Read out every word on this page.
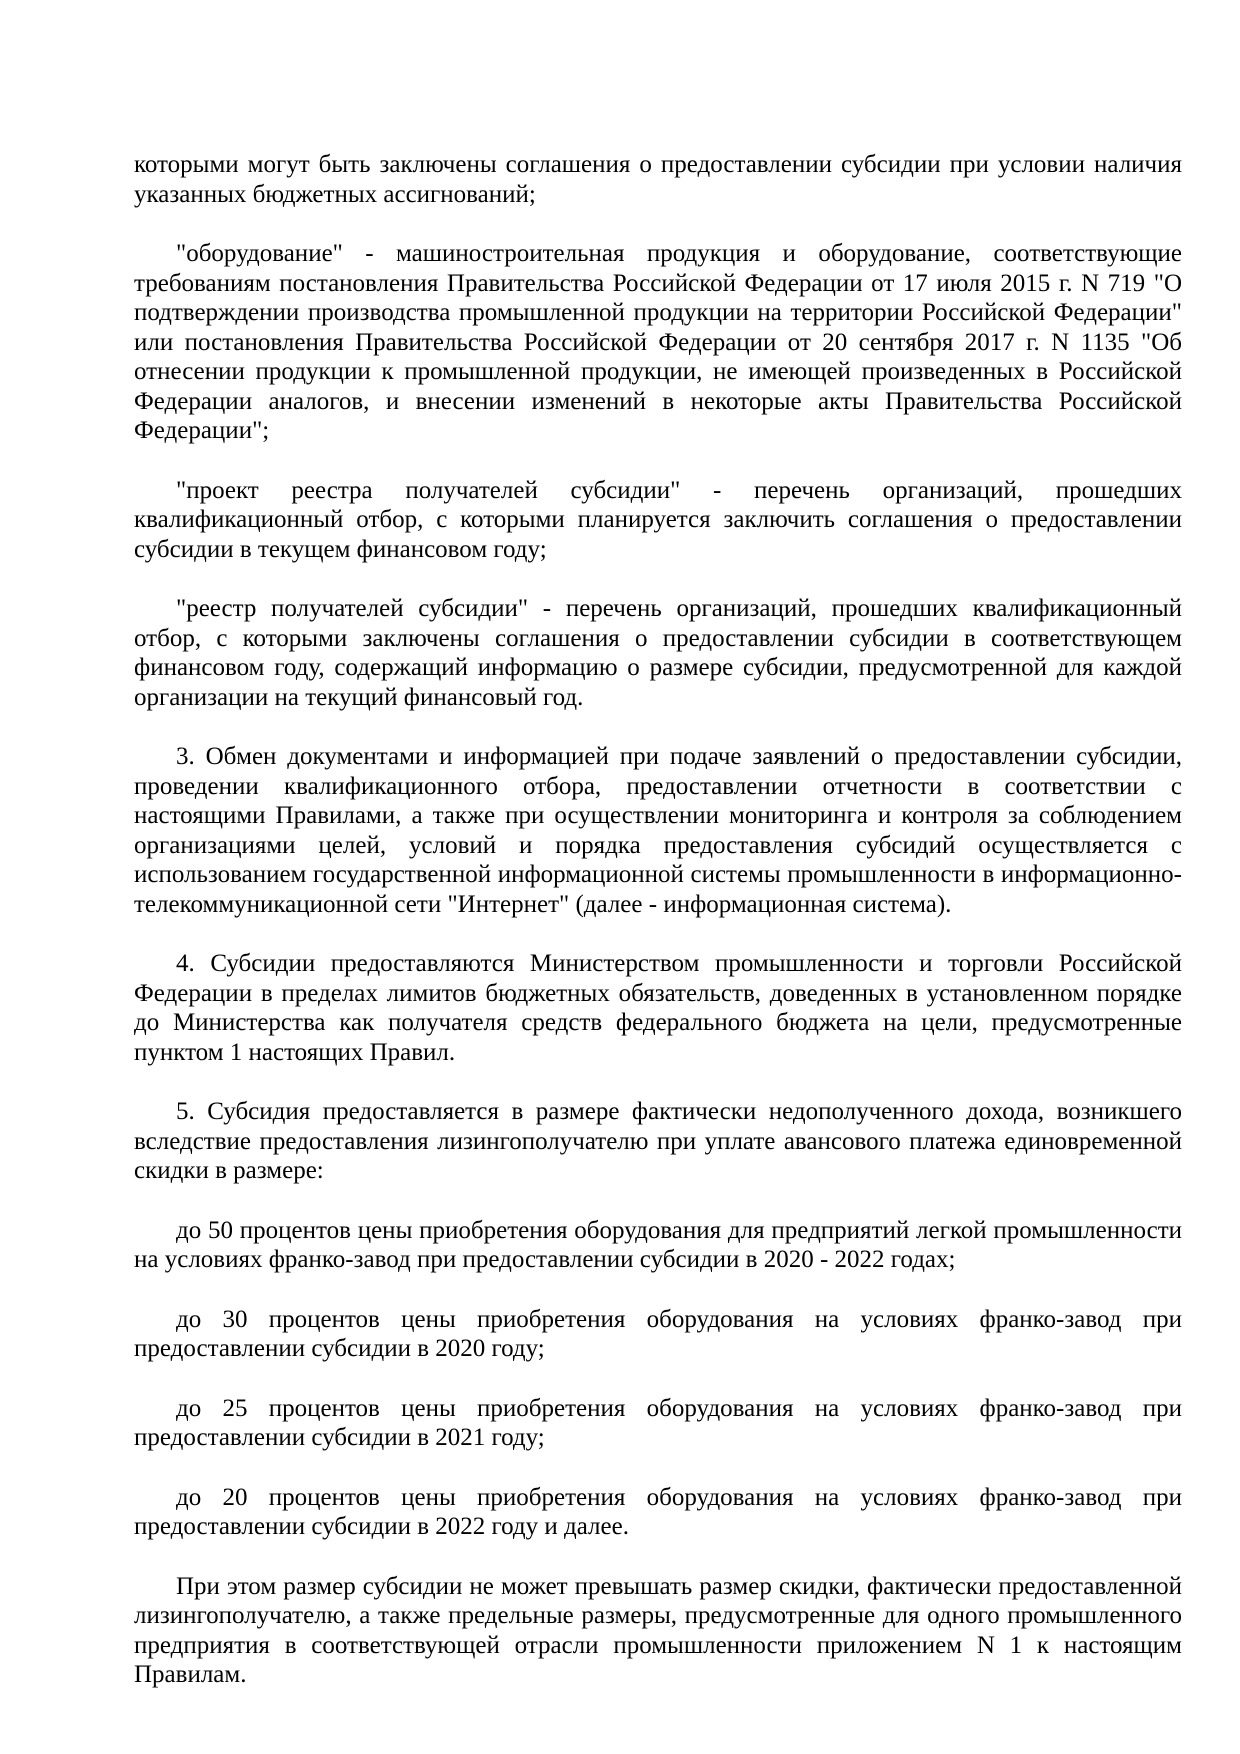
которыми могут быть заключены соглашения о предоставлении субсидии при условии наличия указанных бюджетных ассигнований;

"оборудование" - машиностроительная продукция и оборудование, соответствующие требованиям постановления Правительства Российской Федерации от 17 июля 2015 г. N 719 "О подтверждении производства промышленной продукции на территории Российской Федерации" или постановления Правительства Российской Федерации от 20 сентября 2017 г. N 1135 "Об отнесении продукции к промышленной продукции, не имеющей произведенных в Российской Федерации аналогов, и внесении изменений в некоторые акты Правительства Российской Федерации";

"проект реестра получателей субсидии" - перечень организаций, прошедших квалификационный отбор, с которыми планируется заключить соглашения о предоставлении субсидии в текущем финансовом году;

"реестр получателей субсидии" - перечень организаций, прошедших квалификационный отбор, с которыми заключены соглашения о предоставлении субсидии в соответствующем финансовом году, содержащий информацию о размере субсидии, предусмотренной для каждой организации на текущий финансовый год.

3. Обмен документами и информацией при подаче заявлений о предоставлении субсидии, проведении квалификационного отбора, предоставлении отчетности в соответствии с настоящими Правилами, а также при осуществлении мониторинга и контроля за соблюдением организациями целей, условий и порядка предоставления субсидий осуществляется с использованием государственной информационной системы промышленности в информационно-телекоммуникационной сети "Интернет" (далее - информационная система).

4. Субсидии предоставляются Министерством промышленности и торговли Российской Федерации в пределах лимитов бюджетных обязательств, доведенных в установленном порядке до Министерства как получателя средств федерального бюджета на цели, предусмотренные пунктом 1 настоящих Правил.

5. Субсидия предоставляется в размере фактически недополученного дохода, возникшего вследствие предоставления лизингополучателю при уплате авансового платежа единовременной скидки в размере:

до 50 процентов цены приобретения оборудования для предприятий легкой промышленности на условиях франко-завод при предоставлении субсидии в 2020 - 2022 годах;

до 30 процентов цены приобретения оборудования на условиях франко-завод при предоставлении субсидии в 2020 году;

до 25 процентов цены приобретения оборудования на условиях франко-завод при предоставлении субсидии в 2021 году;

до 20 процентов цены приобретения оборудования на условиях франко-завод при предоставлении субсидии в 2022 году и далее.

При этом размер субсидии не может превышать размер скидки, фактически предоставленной лизингополучателю, а также предельные размеры, предусмотренные для одного промышленного предприятия в соответствующей отрасли промышленности приложением N 1 к настоящим Правилам.
